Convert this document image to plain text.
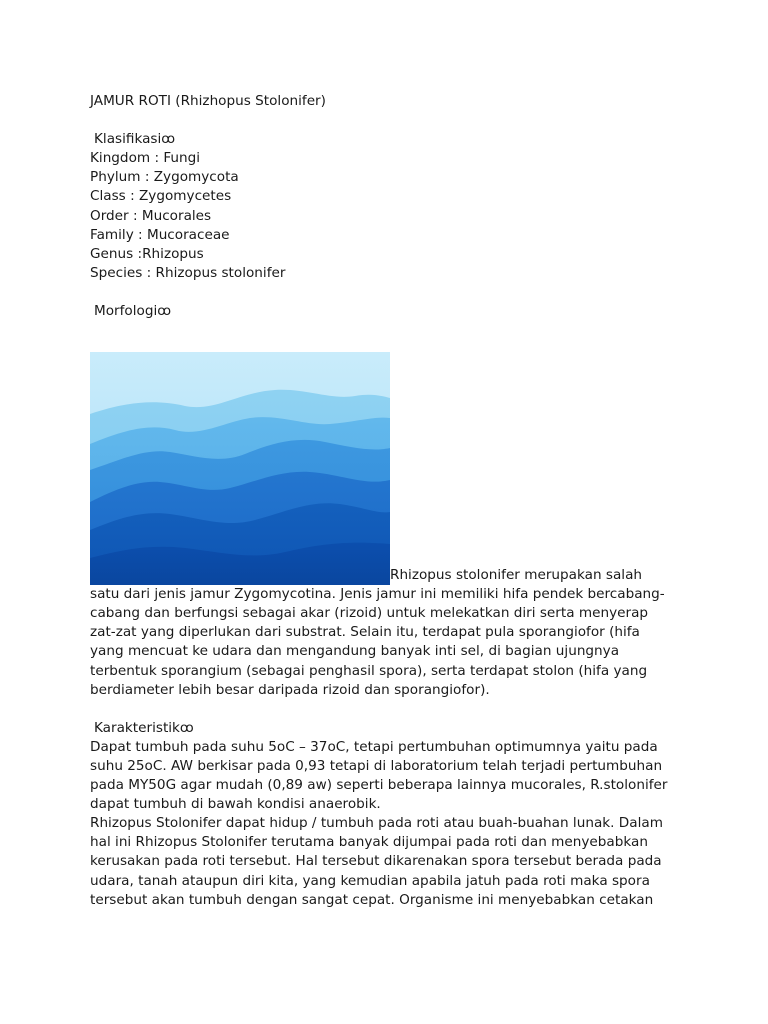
JAMUR ROTI (Rhizhopus Stolonifer)
Klasifikasiꝏ
Kingdom : Fungi
Phylum : Zygomycota
Class : Zygomycetes
Order : Mucorales
Family : Mucoraceae
Genus :Rhizopus
Species : Rhizopus stolonifer
Morfologiꝏ
Rhizopus stolonifer merupakan salah
satu dari jenis jamur Zygomycotina. Jenis jamur ini memiliki hifa pendek bercabang-
cabang dan berfungsi sebagai akar (rizoid) untuk melekatkan diri serta menyerap
zat-zat yang diperlukan dari substrat. Selain itu, terdapat pula sporangiofor (hifa
yang mencuat ke udara dan mengandung banyak inti sel, di bagian ujungnya
terbentuk sporangium (sebagai penghasil spora), serta terdapat stolon (hifa yang
berdiameter lebih besar daripada rizoid dan sporangiofor).
Karakteristikꝏ
Dapat tumbuh pada suhu 5oC – 37oC, tetapi pertumbuhan optimumnya yaitu pada
suhu 25oC. AW berkisar pada 0,93 tetapi di laboratorium telah terjadi pertumbuhan
pada MY50G agar mudah (0,89 aw) seperti beberapa lainnya mucorales, R.stolonifer
dapat tumbuh di bawah kondisi anaerobik.
Rhizopus Stolonifer dapat hidup / tumbuh pada roti atau buah-buahan lunak. Dalam
hal ini Rhizopus Stolonifer terutama banyak dijumpai pada roti dan menyebabkan
kerusakan pada roti tersebut. Hal tersebut dikarenakan spora tersebut berada pada
udara, tanah ataupun diri kita, yang kemudian apabila jatuh pada roti maka spora
tersebut akan tumbuh dengan sangat cepat. Organisme ini menyebabkan cetakan
